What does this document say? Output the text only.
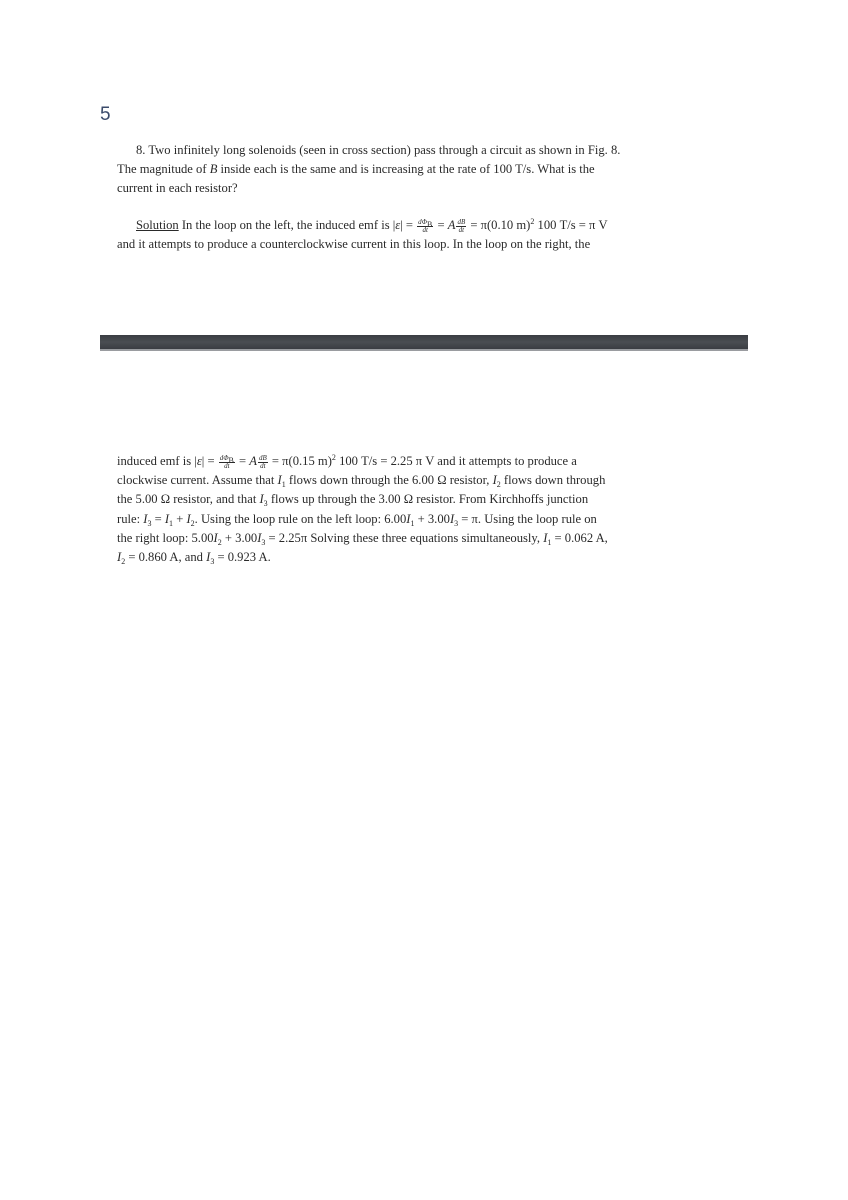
5
8. Two infinitely long solenoids (seen in cross section) pass through a circuit as shown in Fig. 8.
The magnitude of B inside each is the same and is increasing at the rate of 100 T/s. What is the
current in each resistor?
Solution In the loop on the left, the induced emf is $|\varepsilon| = \frac{d\Phi_B}{dt} = A \frac{dB}{dt} = \pi(0.10$ m)$^2$ 100 T/s = π V
and it attempts to produce a counterclockwise current in this loop. In the loop on the right, the
induced emf is $|\varepsilon| = \frac{d\Phi_B}{dt} = A \frac{dB}{dt} = \pi(0.15$ m)$^2$ 100 T/s = 2.25 π V and it attempts to produce a
clockwise current. Assume that $I_1$ flows down through the 6.00 Ω resistor, $I_2$ flows down through
the 5.00 Ω resistor, and that $I_3$ flows up through the 3.00 Ω resistor. From Kirchhoffs junction
rule: $I_3 = I_1 + I_2$. Using the loop rule on the left loop: $6.00I_1 + 3.00I_3 = \pi$. Using the loop rule on
the right loop: $5.00I_2 + 3.00I_3 = 2.25\pi$ Solving these three equations simultaneously, $I_1 = 0.062$ A,
$I_2 = 0.860$ A, and $I_3 = 0.923$ A.
